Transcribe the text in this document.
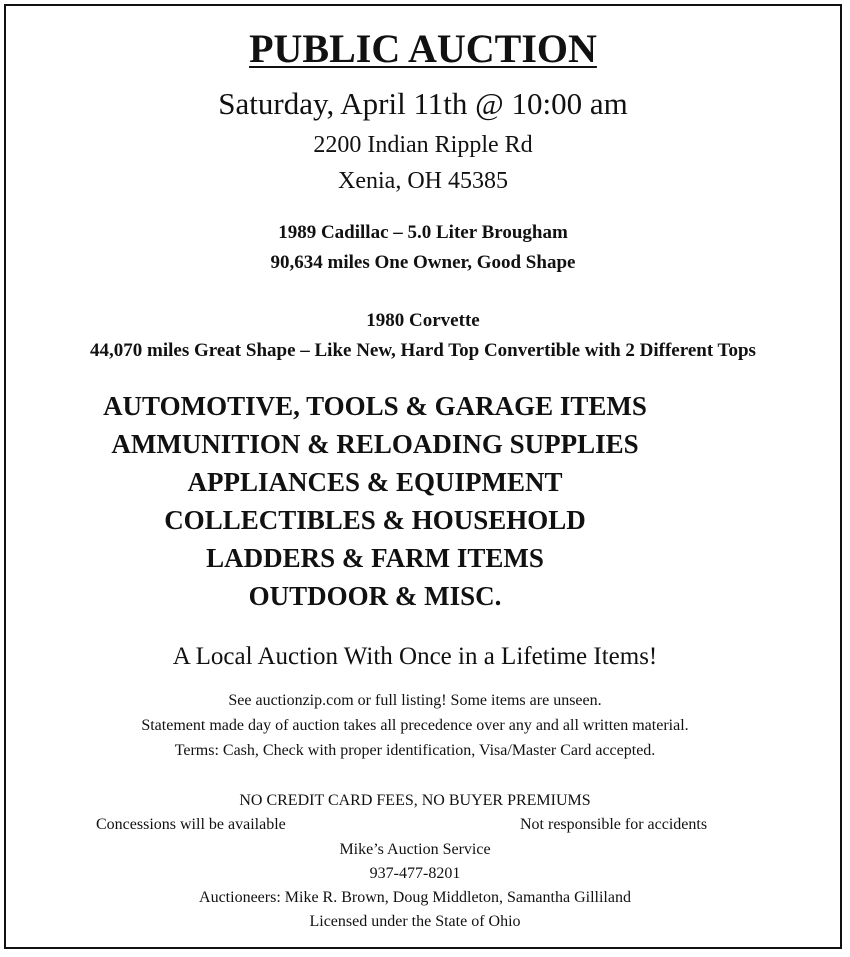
PUBLIC AUCTION
Saturday, April 11th @ 10:00 am
2200 Indian Ripple Rd
Xenia, OH 45385
1989 Cadillac – 5.0 Liter Brougham
90,634 miles One Owner, Good Shape
1980 Corvette
44,070 miles Great Shape – Like New, Hard Top Convertible with 2 Different Tops
AUTOMOTIVE, TOOLS & GARAGE ITEMS
AMMUNITION & RELOADING SUPPLIES
APPLIANCES & EQUIPMENT
COLLECTIBLES & HOUSEHOLD
LADDERS & FARM ITEMS
OUTDOOR & MISC.
A Local Auction With Once in a Lifetime Items!
See auctionzip.com or full listing! Some items are unseen.
Statement made day of auction takes all precedence over any and all written material.
Terms: Cash, Check with proper identification, Visa/Master Card accepted.
NO CREDIT CARD FEES, NO BUYER PREMIUMS
Concessions will be available	Not responsible for accidents
Mike’s Auction Service
937-477-8201
Auctioneers: Mike R. Brown, Doug Middleton, Samantha Gilliland
Licensed under the State of Ohio
